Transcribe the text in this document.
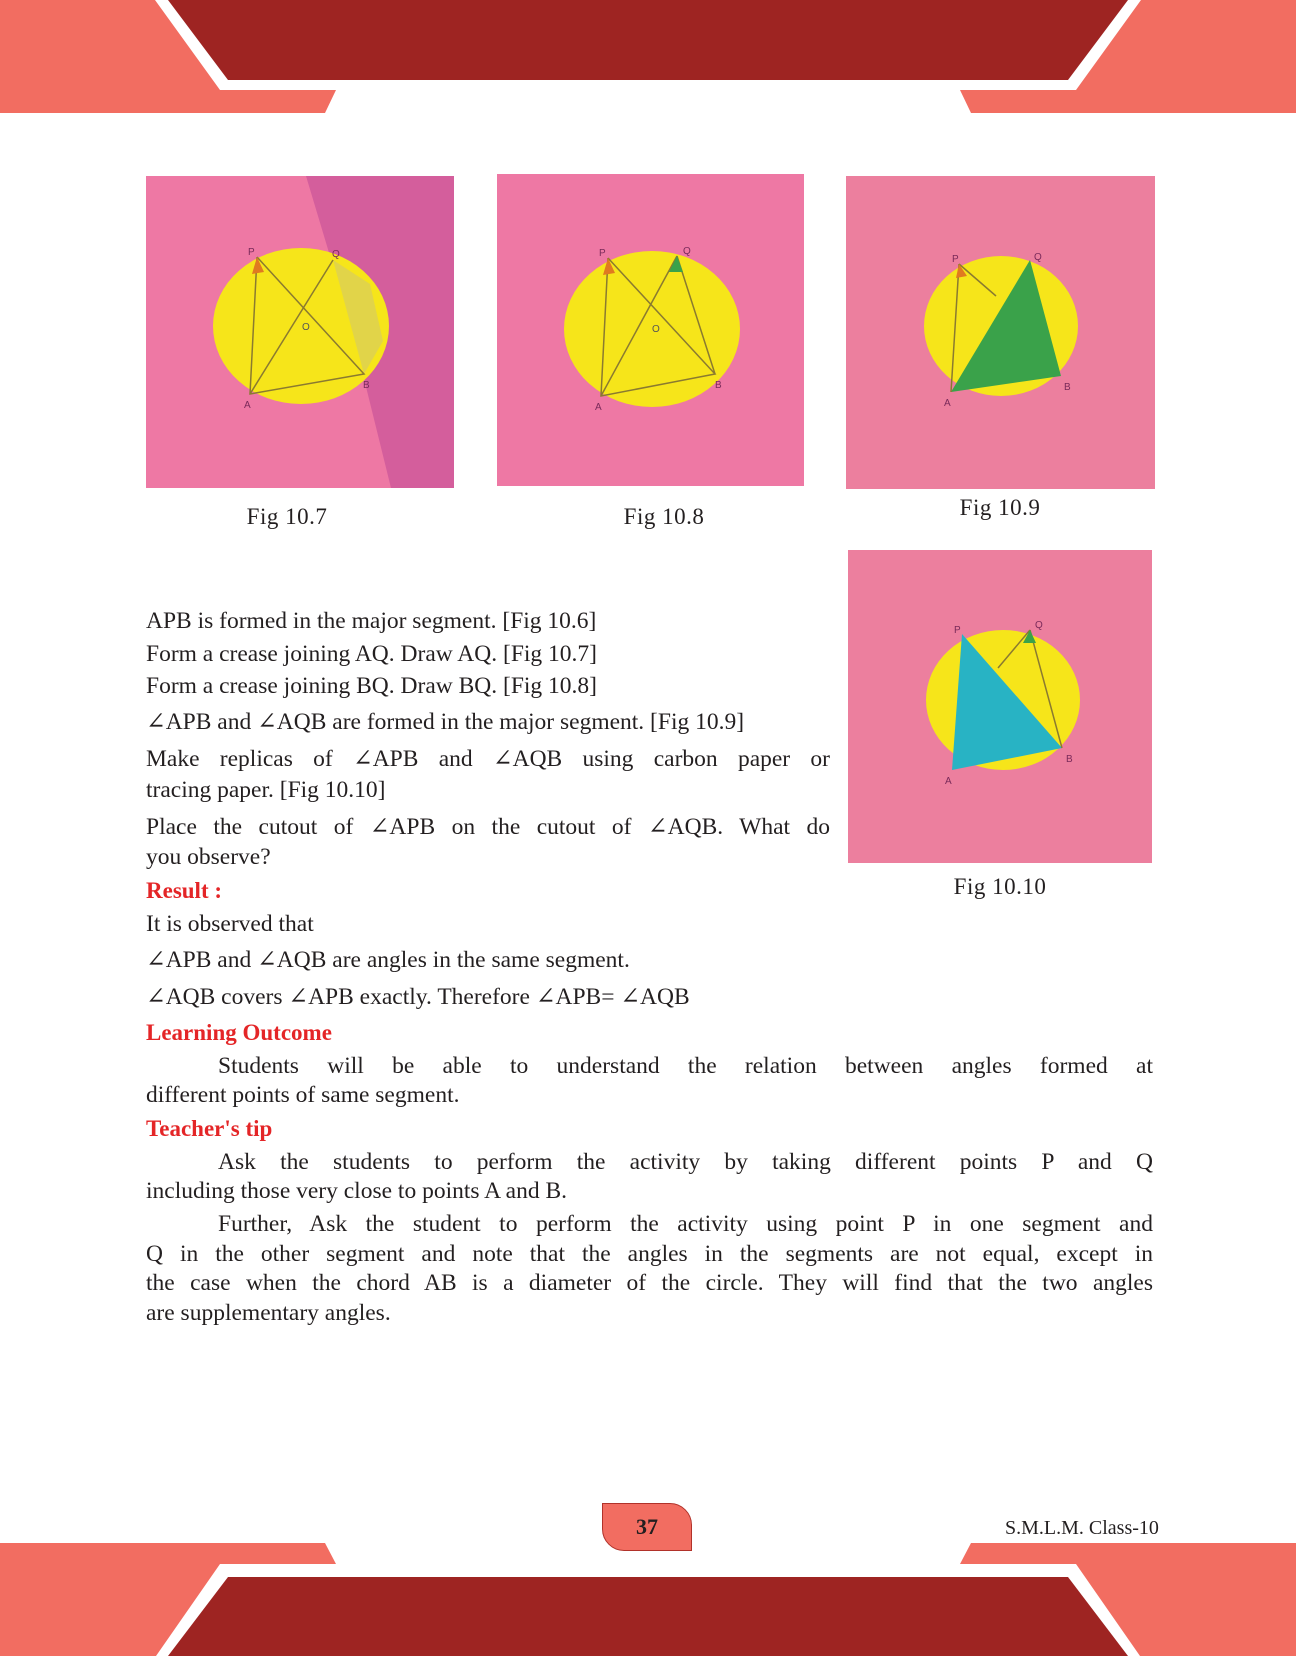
P	Q
A
B
O
Fig 10.7
P	Q
A
B
O
Fig 10.8
P	Q
A
B
Fig 10.9
P	Q
A
B
Fig 10.10
APB is formed in the major segment. [Fig 10.6]
Form a crease joining AQ. Draw AQ. [Fig 10.7]
Form a crease joining BQ. Draw BQ. [Fig 10.8]
∠APB and ∠AQB are formed in the major segment. [Fig 10.9]
Make replicas of ∠APB and ∠AQB using carbon paper or
tracing paper. [Fig 10.10]
Place the cutout of ∠APB on the cutout of ∠AQB. What do
you observe?
Result :
It is observed that
∠APB and ∠AQB are angles in the same segment.
∠AQB covers ∠APB exactly. Therefore ∠APB= ∠AQB
Learning Outcome
Students will be able to understand the relation between angles formed at
different points of same segment.
Teacher's tip
Ask the students to perform the activity by taking different points P and Q
including those very close to points A and B.
Further, Ask the student to perform the activity using point P in one segment and
Q in the other segment and note that the angles in the segments are not equal, except in
the case when the chord AB is a diameter of the circle. They will find that the two angles
are supplementary angles.
37	S.M.L.M. Class-10
